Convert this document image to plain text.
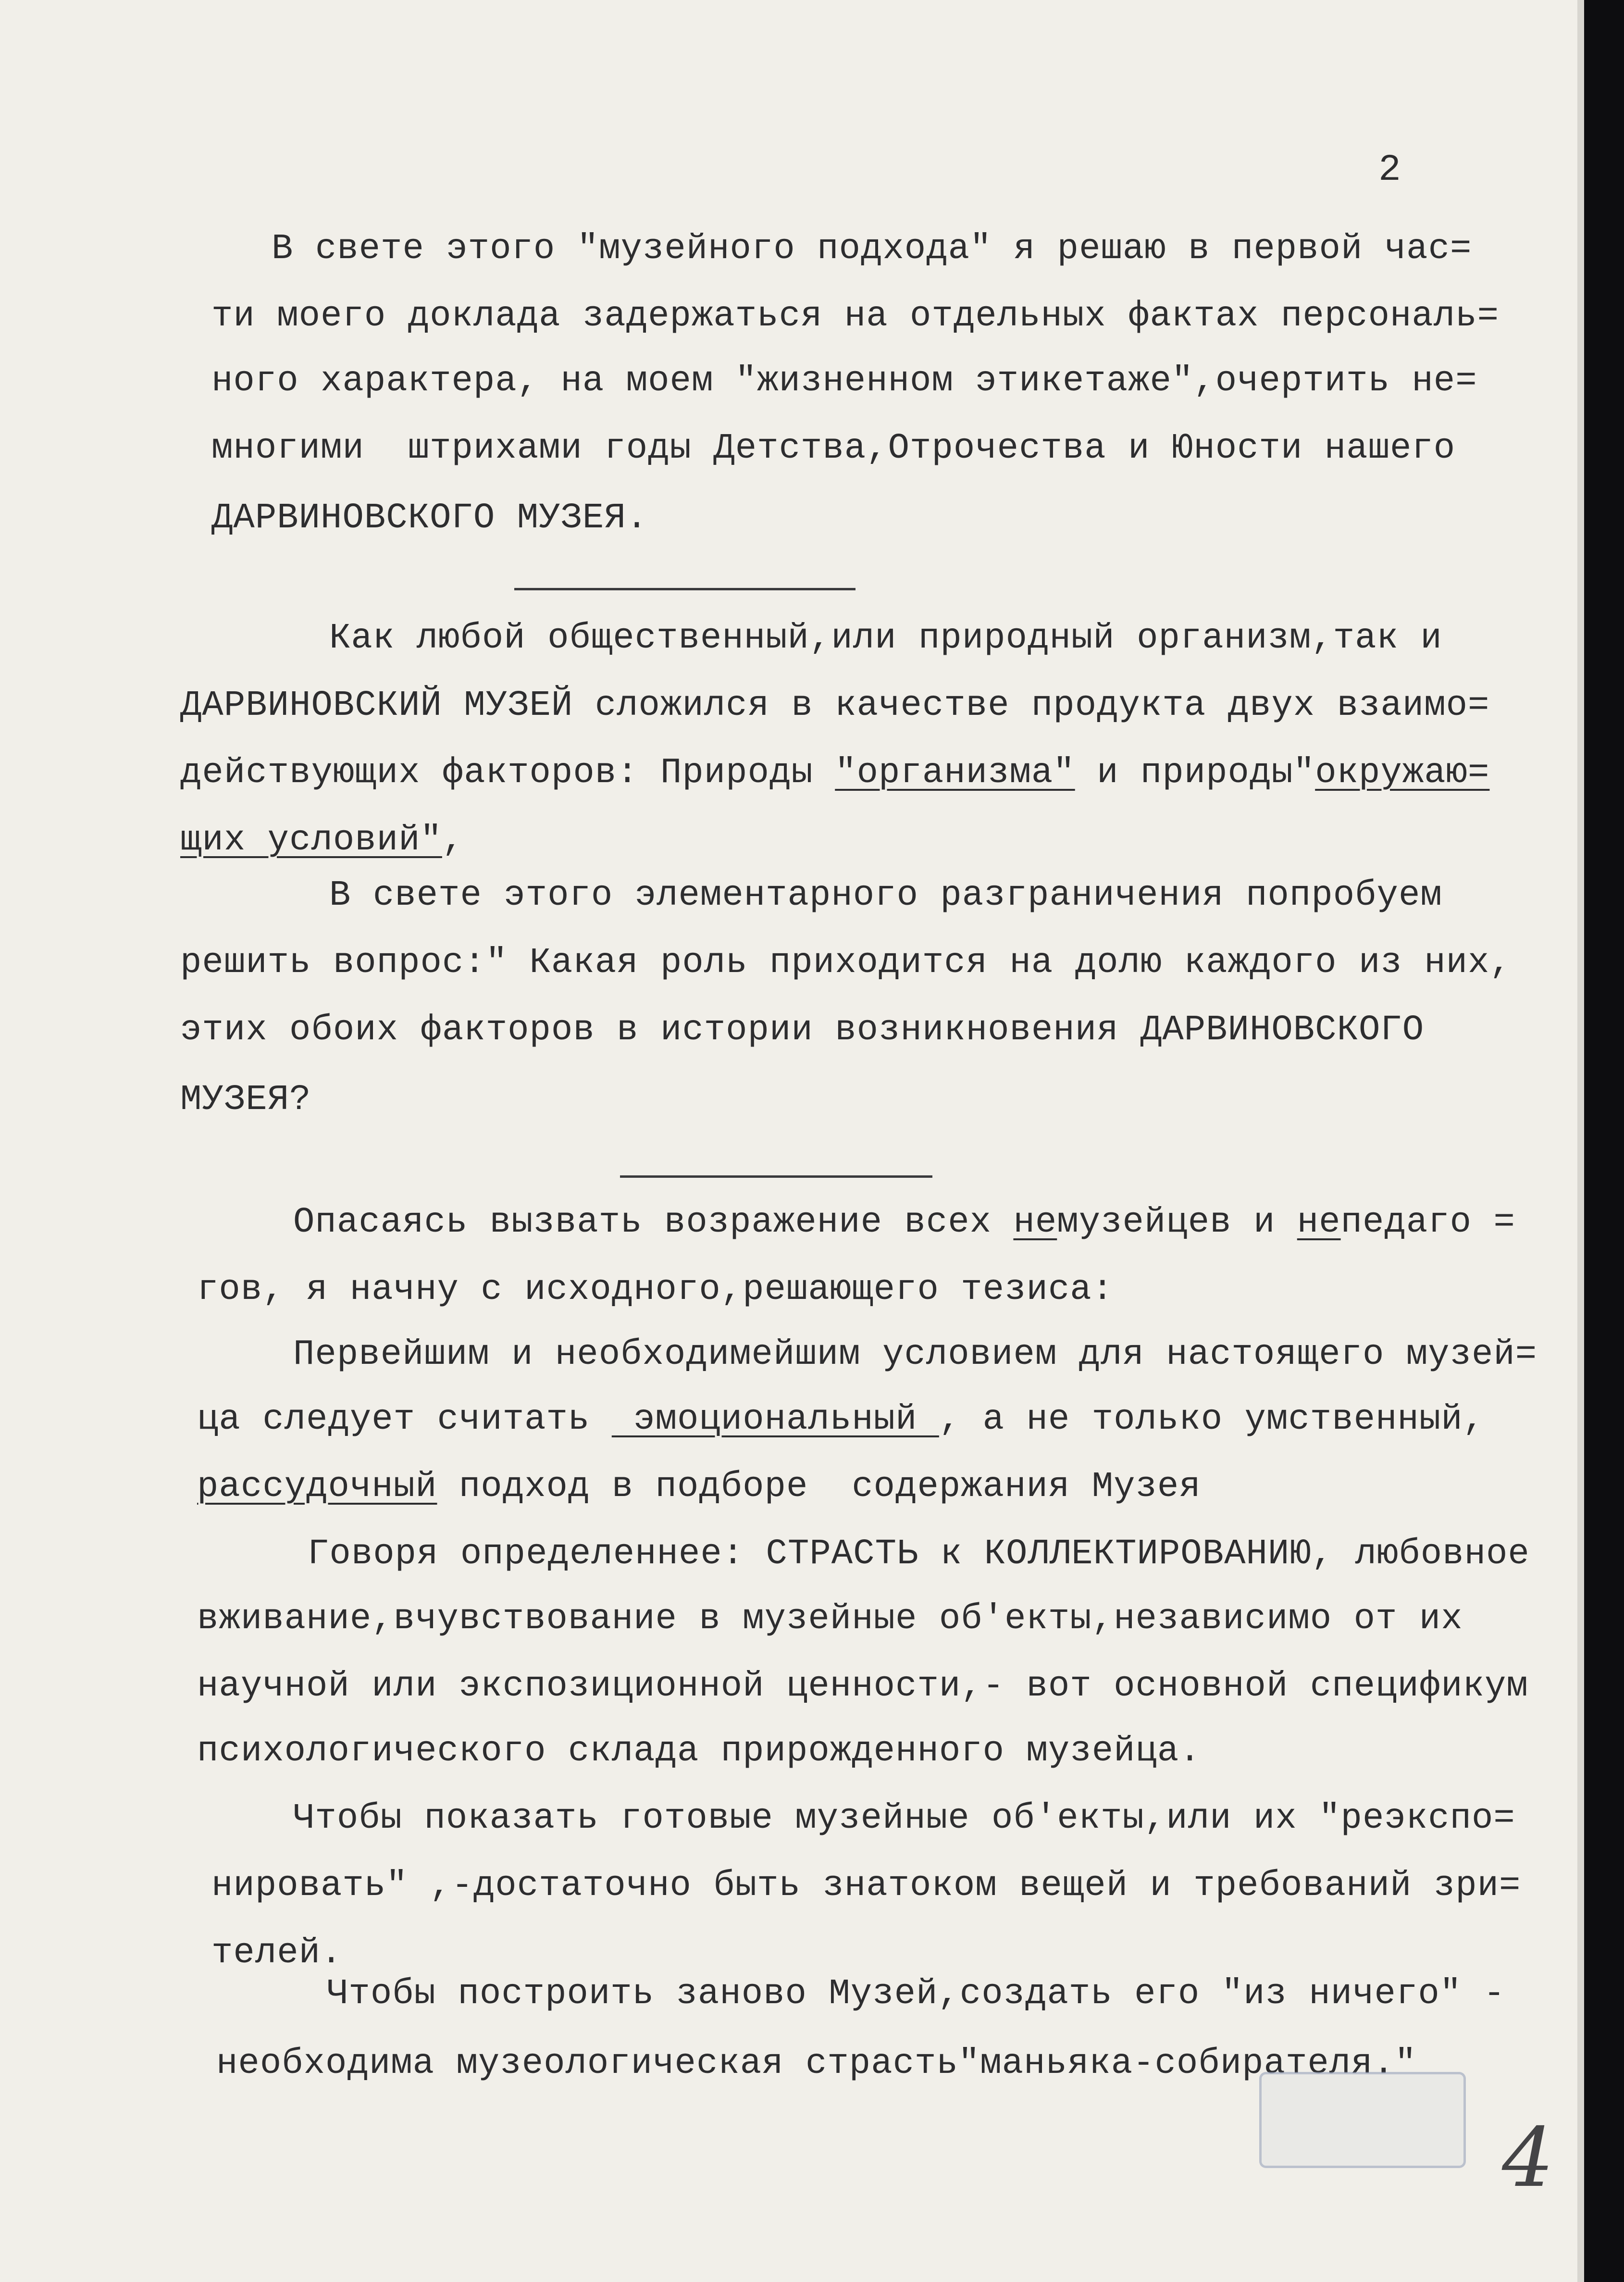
2

В свете этого "музейного подхода" я решаю в первой час=

ти моего доклада задержаться на отдельных фактах персональ=

ного характера, на моем "жизненном этикетаже",очертить не=

многими  штрихами годы Детства,Отрочества и Юности нашего

ДАРВИНОВСКОГО МУЗЕЯ.

Как любой общественный,или природный организм,так и

ДАРВИНОВСКИЙ МУЗЕЙ сложился в качестве продукта двух взаимо=

действующих факторов: Природы "организма" и природы"окружаю=

щих условий",

В свете этого элементарного разграничения попробуем

решить вопрос:" Какая роль приходится на долю каждого из них,

этих обоих факторов в истории возникновения ДАРВИНОВСКОГО

МУЗЕЯ?

Опасаясь вызвать возражение всех немузейцев и непедаго =

гов, я начну с исходного,решающего тезиса:

Первейшим и необходимейшим условием для настоящего музей=

ца следует считать  эмоциональный , а не только умственный,

рассудочный подход в подборе  содержания Музея

Говоря определеннее: СТРАСТЬ к КОЛЛЕКТИРОВАНИЮ, любовное

вживание,вчувствование в музейные об'екты,независимо от их

научной или экспозиционной ценности,- вот основной спецификум

психологического склада прирожденного музейца.

Чтобы показать готовые музейные об'екты,или их "реэкспо=

нировать" ,-достаточно быть знатоком вещей и требований зри=

телей.

Чтобы построить заново Музей,создать его "из ничего" -

необходима музеологическая страсть"маньяка-собирателя."

4
